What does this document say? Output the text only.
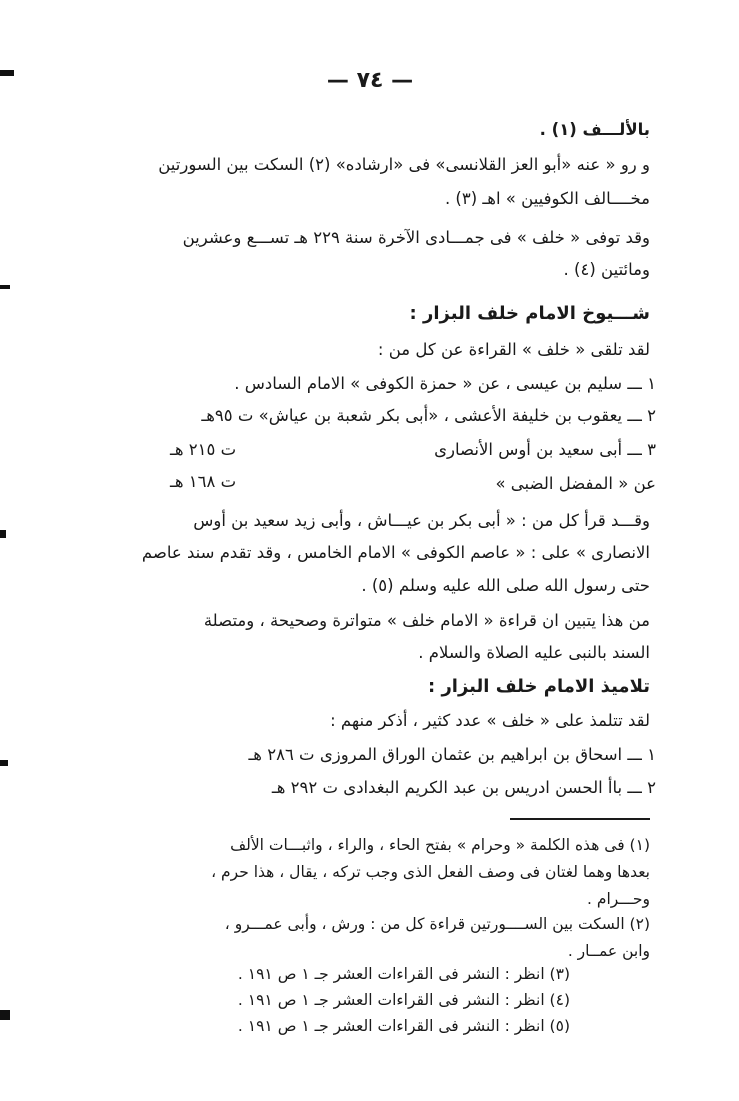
— ٧٤ —
بالألـــف (١) .
و رو « عنه «أبو العز القلانسى» فى «ارشاده» (٢) السكت بين السورتين
مخــــالف الكوفيين » اهـ (٣) .
وقد توفى « خلف » فى جمـــادى الآخرة سنة ٢٢٩ هـ تســـع وعشرين
ومائتين (٤) .
شـــيوخ الامام خلف البزار :
لقد تلقى « خلف » القراءة عن كل من :
١ ـــ سليم بن عيسى ، عن « حمزة الكوفى » الامام السادس .
٢ ـــ يعقوب بن خليفة الأعشى ، «أبى بكر شعبة بن عياش» ت ٩٥هـ
٣ ـــ أبى سعيد بن أوس الأنصارى
ت ٢١٥ هـ
عن « المفضل الضبى »
ت ١٦٨ هـ
وقـــد قرأ كل من : « أبى بكر بن عيـــاش ، وأبى زيد سعيد بن أوس
الانصارى » على : « عاصم الكوفى » الامام الخامس ، وقد تقدم سند عاصم
حتى رسول الله صلى الله عليه وسلم (٥) .
من هذا يتبين ان قراءة « الامام خلف » متواترة وصحيحة ، ومتصلة
السند بالنبى عليه الصلاة والسلام .
تلاميذ الامام خلف البزار :
لقد تتلمذ على « خلف » عدد كثير ، أذكر منهم :
١ ـــ اسحاق بن ابراهيم بن عثمان الوراق المروزى ت ٢٨٦ هـ
٢ ـــ باأ الحسن ادريس بن عبد الكريم البغدادى ت ٢٩٢ هـ
(١) فى هذه الكلمة « وحرام » بفتح الحاء ، والراء ، واثبـــات الألف
بعدها وهما لغتان فى وصف الفعل الذى وجب تركه ، يقال ، هذا حرم ،
وحـــرام .
(٢) السكت بين الســــورتين قراءة كل من : ورش ، وأبى عمـــرو ،
وابن عمــار .
(٣) انظر : النشر فى القراءات العشر جـ ١ ص ١٩١ .
(٤) انظر : النشر فى القراءات العشر جـ ١ ص ١٩١ .
(٥) انظر : النشر فى القراءات العشر جـ ١ ص ١٩١ .
